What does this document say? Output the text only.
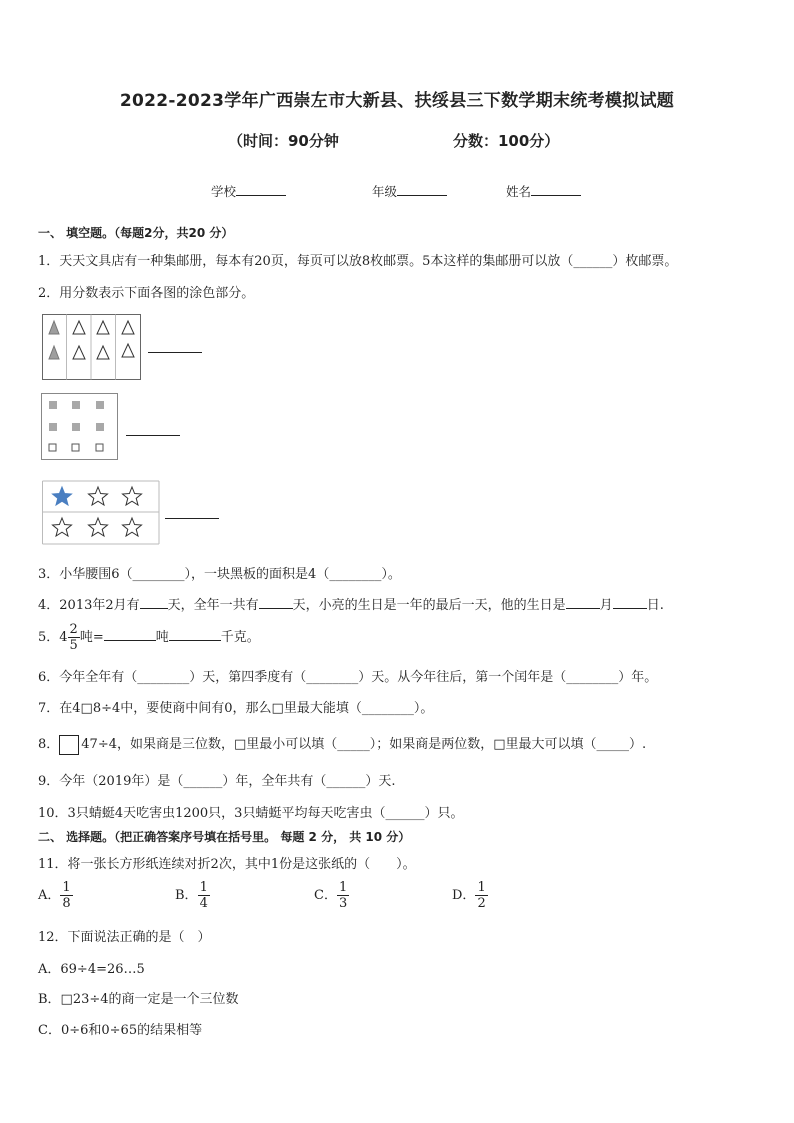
2022-2023学年广西崇左市大新县、扶绥县三下数学期末统考模拟试题
（时间：90分钟	分数：100分）
学校	年级	姓名
一、 填空题。（每题2分，共20 分）
1．天天文具店有一种集邮册，每本有20页，每页可以放8枚邮票。5本这样的集邮册可以放（______）枚邮票。
2．用分数表示下面各图的涂色部分。
3．小华腰围6（________），一块黑板的面积是4（________）。
4．2013年2月有 天，全年一共有	天，小亮的生日是一年的最后一天，他的生日是	月	日.
5．$4 \frac{2}{5}$ 吨=	吨	千克。
6．今年全年有（________）天，第四季度有（________）天。从今年往后，第一个闰年是（________）年。
7．在4□8÷4中，要使商中间有0，那么□里最大能填（________）。
8． 47÷4，如果商是三位数，□里最小可以填（_____）；如果商是两位数，□里最大可以填（_____）.
9．今年（2019年）是（______）年，全年共有（______）天.
10．3只蜻蜓4天吃害虫1200只，3只蜻蜓平均每天吃害虫（______）只。
二、 选择题。（把正确答案序号填在括号里。 每题 2 分， 共 10 分）
11．将一张长方形纸连续对折2次，其中1份是这张纸的（　　）。
A． $\frac{1}{8}$	B． $\frac{1}{4}$	C． $\frac{1}{3}$	D． $\frac{1}{2}$
12．下面说法正确的是（　）
A．69÷4=26…5
B．□23÷4的商一定是一个三位数
C．0÷6和0÷65的结果相等
